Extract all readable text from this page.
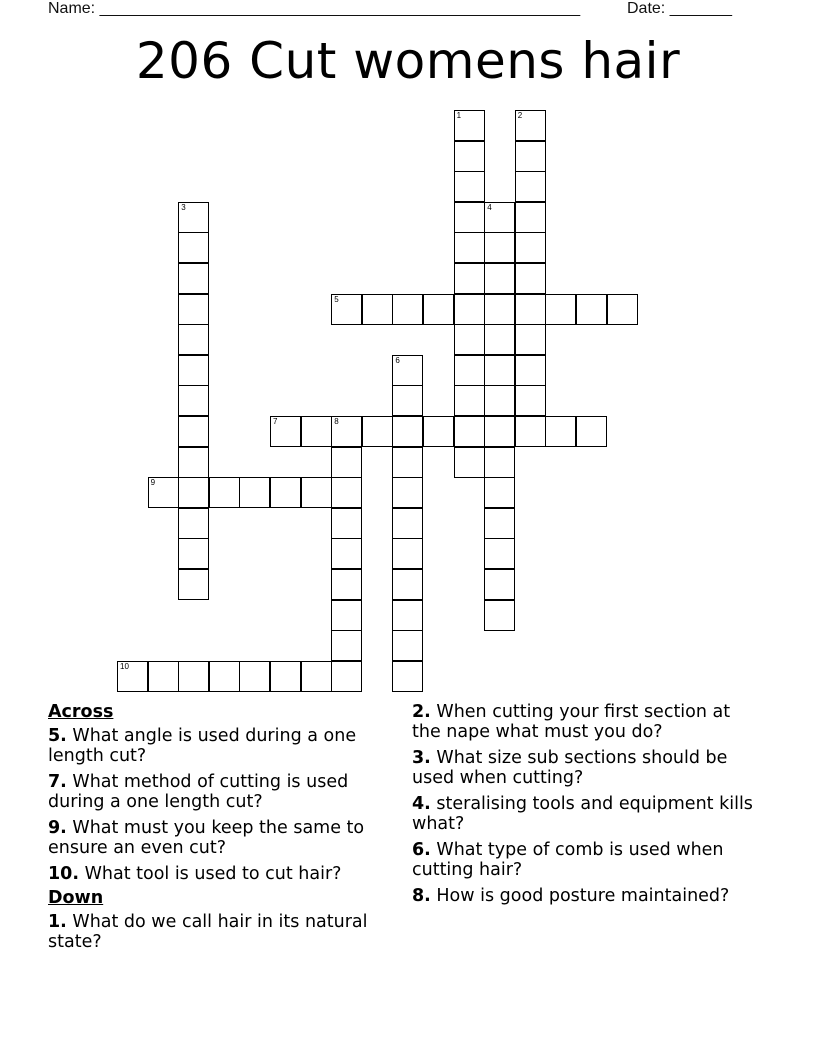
Name: ______________________________________________________	Date: _______
206 Cut womens hair
1	2
3	4
5
6
7	8
9
10
Across
5. What angle is used during a one length cut?
7. What method of cutting is used during a one length cut?
9. What must you keep the same to ensure an even cut?
10. What tool is used to cut hair?
Down
1. What do we call hair in its natural state?
2. When cutting your first section at the nape what must you do?
3. What size sub sections should be used when cutting?
4. steralising tools and equipment kills what?
6. What type of comb is used when cutting hair?
8. How is good posture maintained?
